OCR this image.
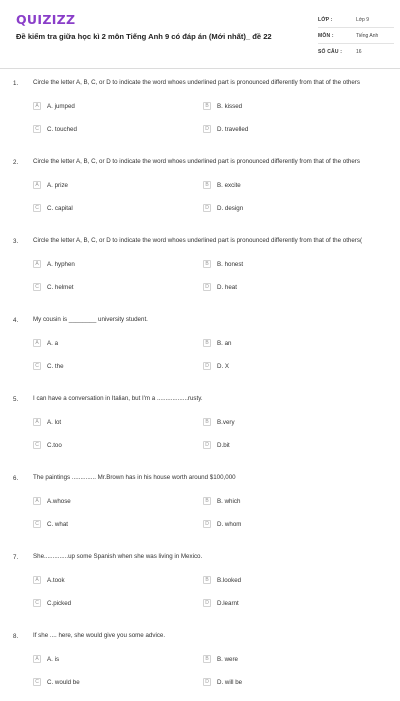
QUIZIZZ
Đề kiểm tra giữa học kì 2 môn Tiếng Anh 9 có đáp án (Mới nhất)_ đề 22
LỚP :	Lớp 9
MÔN :	Tiếng Anh
SỐ CÂU :	16
1. Circle the letter A, B, C, or D to indicate the word whoes underlined part is pronounced differently from that of the others
A	A. jumped	B	B. kissed
C	C. touched	D	D. travelled
2. Circle the letter A, B, C, or D to indicate the word whoes underlined part is pronounced differently from that of the others
A	A. prize	B	B. excite
C	C. capital	D	D. design
3. Circle the letter A, B, C, or D to indicate the word whoes underlined part is pronounced differently from that of the others(
A	A. hyphen	B	B. honest
C	C. helmet	D	D. heat
4. My cousin is ________ university student.
A	A. a	B	B. an
C	C. the	D	D. X
5. I can have a conversation in Italian, but I'm a ..................rusty.
A	A. lot	B	B.very
C	C.too	D	D.bit
6. The paintings .............. Mr.Brown has in his house worth around $100,000
A	A.whose	B	B. which
C	C. what	D	D. whom
7. She..............up some Spanish when she was living in Mexico.
A	A.took	B	B.looked
C	C.picked	D	D.learnt
8. If she .... here, she would give you some advice.
A	A. is	B	B. were
C	C. would be	D	D. will be
